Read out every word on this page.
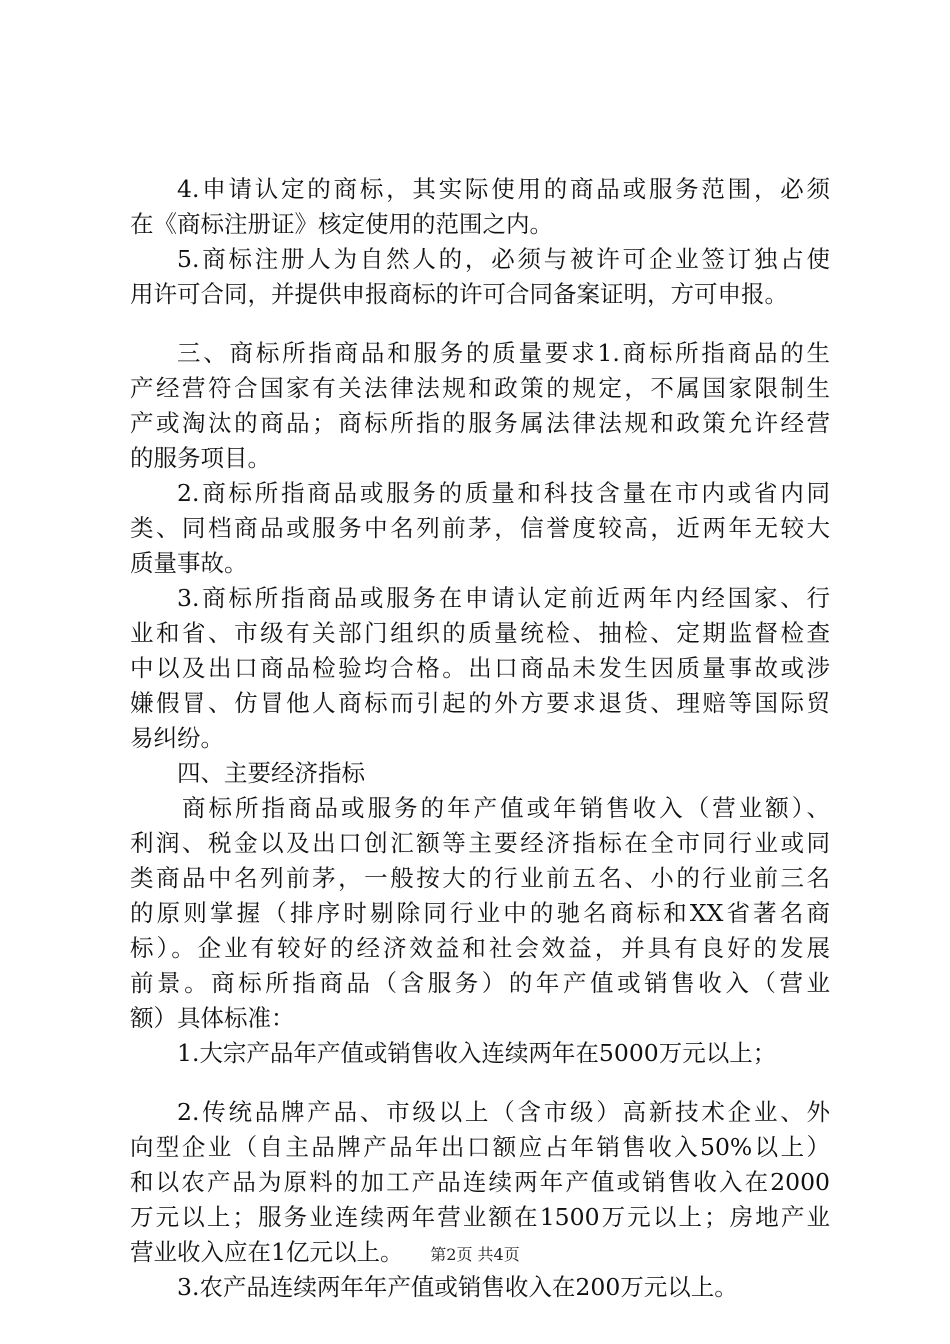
4.申请认定的商标，其实际使用的商品或服务范围，必须
在《商标注册证》核定使用的范围之内。
5.商标注册人为自然人的，必须与被许可企业签订独占使
用许可合同，并提供申报商标的许可合同备案证明，方可申报。
三、商标所指商品和服务的质量要求1.商标所指商品的生
产经营符合国家有关法律法规和政策的规定，不属国家限制生
产或淘汰的商品；商标所指的服务属法律法规和政策允许经营
的服务项目。
2.商标所指商品或服务的质量和科技含量在市内或省内同
类、同档商品或服务中名列前茅，信誉度较高，近两年无较大
质量事故。
3.商标所指商品或服务在申请认定前近两年内经国家、行
业和省、市级有关部门组织的质量统检、抽检、定期监督检查
中以及出口商品检验均合格。出口商品未发生因质量事故或涉
嫌假冒、仿冒他人商标而引起的外方要求退货、理赔等国际贸
易纠纷。
四、主要经济指标
商标所指商品或服务的年产值或年销售收入（营业额）、
利润、税金以及出口创汇额等主要经济指标在全市同行业或同
类商品中名列前茅，一般按大的行业前五名、小的行业前三名
的原则掌握（排序时剔除同行业中的驰名商标和XX省著名商
标）。企业有较好的经济效益和社会效益，并具有良好的发展
前景。商标所指商品（含服务）的年产值或销售收入（营业
额）具体标准：
1.大宗产品年产值或销售收入连续两年在5000万元以上；
2.传统品牌产品、市级以上（含市级）高新技术企业、外
向型企业（自主品牌产品年出口额应占年销售收入50%以上）
和以农产品为原料的加工产品连续两年产值或销售收入在2000
万元以上；服务业连续两年营业额在1500万元以上；房地产业
营业收入应在1亿元以上。
3.农产品连续两年年产值或销售收入在200万元以上。
第2页 共4页
